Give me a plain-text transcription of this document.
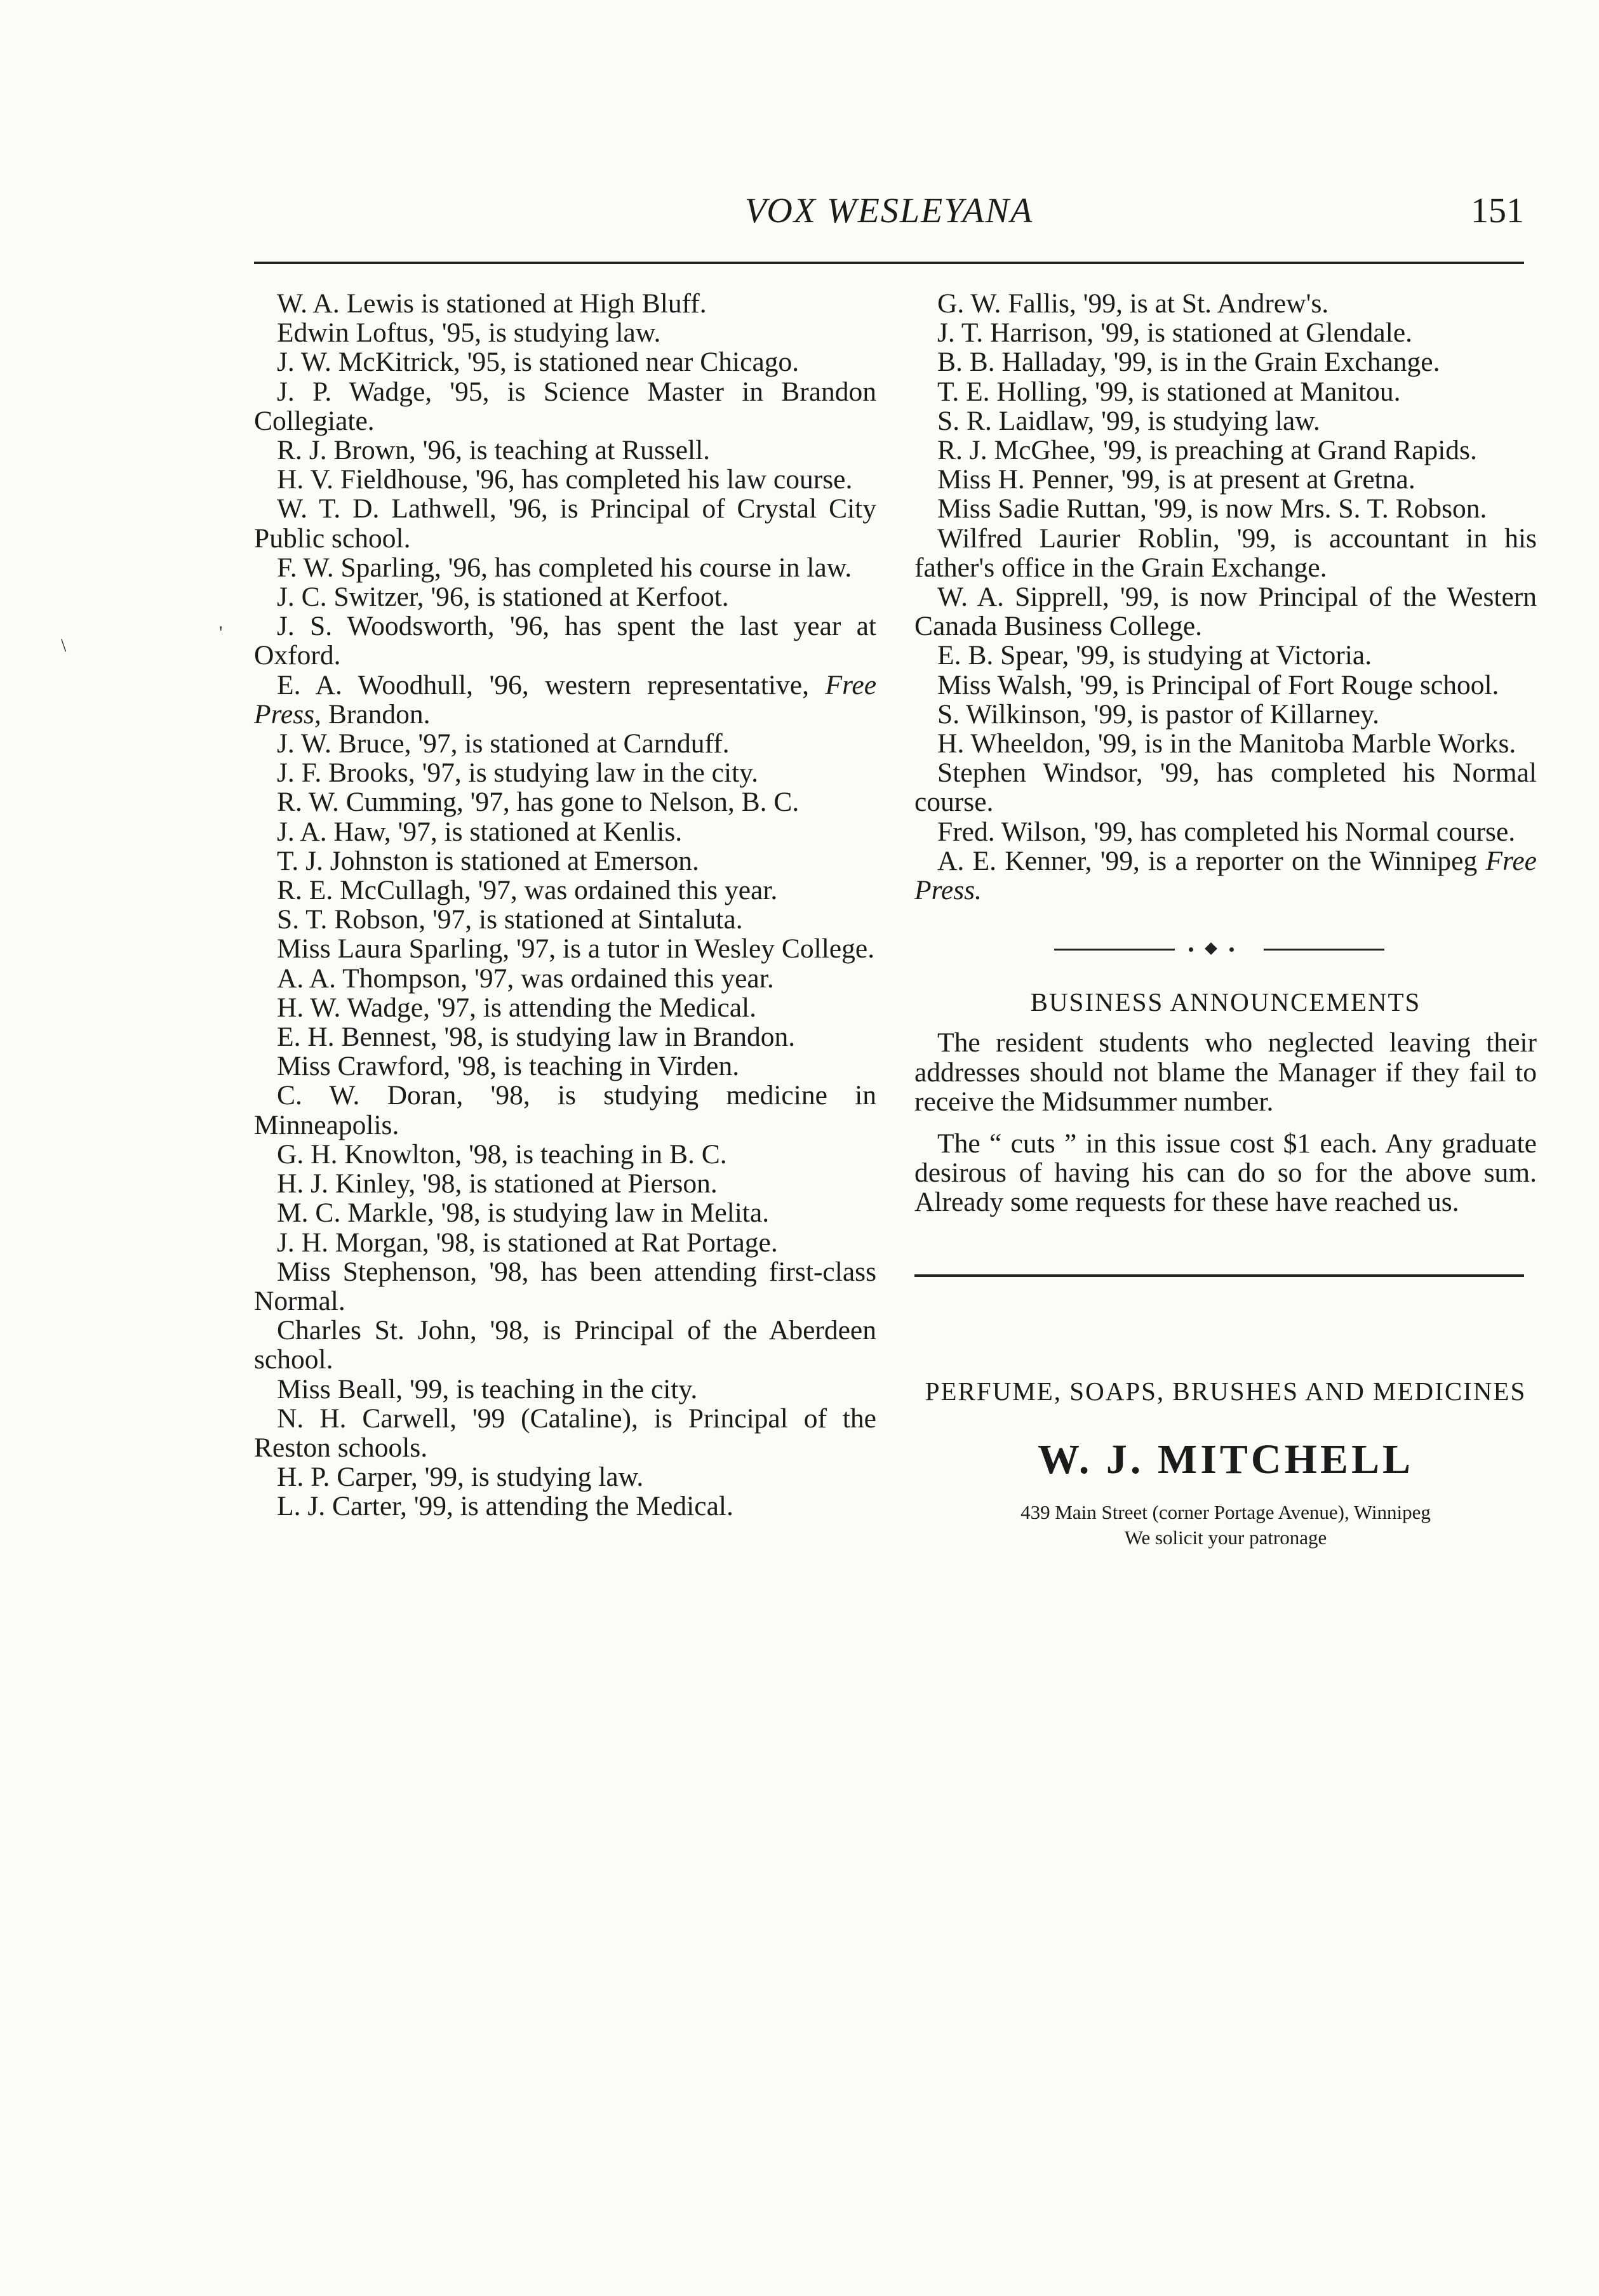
VOX WESLEYANA	151
\
'

W. A. Lewis is stationed at High Bluff.

Edwin Loftus, '95, is studying law.

J. W. McKitrick, '95, is stationed near Chicago.

J. P. Wadge, '95, is Science Master in Brandon Collegiate.

R. J. Brown, '96, is teaching at Russell.

H. V. Fieldhouse, '96, has completed his law course.

W. T. D. Lathwell, '96, is Principal of Crystal City Public school.

F. W. Sparling, '96, has completed his course in law.

J. C. Switzer, '96, is stationed at Kerfoot.

J. S. Woodsworth, '96, has spent the last year at Oxford.

E. A. Woodhull, '96, western representative, Free Press, Brandon.

J. W. Bruce, '97, is stationed at Carnduff.

J. F. Brooks, '97, is studying law in the city.

R. W. Cumming, '97, has gone to Nelson, B. C.

J. A. Haw, '97, is stationed at Kenlis.

T. J. Johnston is stationed at Emerson.

R. E. McCullagh, '97, was ordained this year.

S. T. Robson, '97, is stationed at Sintaluta.

Miss Laura Sparling, '97, is a tutor in Wesley College.

A. A. Thompson, '97, was ordained this year.

H. W. Wadge, '97, is attending the Medical.

E. H. Bennest, '98, is studying law in Brandon.

Miss Crawford, '98, is teaching in Virden.

C. W. Doran, '98, is studying medicine in Minneapolis.

G. H. Knowlton, '98, is teaching in B. C.

H. J. Kinley, '98, is stationed at Pierson.

M. C. Markle, '98, is studying law in Melita.

J. H. Morgan, '98, is stationed at Rat Portage.

Miss Stephenson, '98, has been attending first-class Normal.

Charles St. John, '98, is Principal of the Aberdeen school.

Miss Beall, '99, is teaching in the city.

N. H. Carwell, '99 (Cataline), is Principal of the Reston schools.

H. P. Carper, '99, is studying law.

L. J. Carter, '99, is attending the Medical.

G. W. Fallis, '99, is at St. Andrew's.

J. T. Harrison, '99, is stationed at Glendale.

B. B. Halladay, '99, is in the Grain Exchange.

T. E. Holling, '99, is stationed at Manitou.

S. R. Laidlaw, '99, is studying law.

R. J. McGhee, '99, is preaching at Grand Rapids.

Miss H. Penner, '99, is at present at Gretna.

Miss Sadie Ruttan, '99, is now Mrs. S. T. Robson.

Wilfred Laurier Roblin, '99, is accountant in his father's office in the Grain Exchange.

W. A. Sipprell, '99, is now Principal of the Western Canada Business College.

E. B. Spear, '99, is studying at Victoria.

Miss Walsh, '99, is Principal of Fort Rouge school.

S. Wilkinson, '99, is pastor of Killarney.

H. Wheeldon, '99, is in the Manitoba Marble Works.

Stephen Windsor, '99, has completed his Normal course.

Fred. Wilson, '99, has completed his Normal course.

A. E. Kenner, '99, is a reporter on the Winnipeg Free Press.

BUSINESS ANNOUNCEMENTS

The resident students who neglected leaving their addresses should not blame the Manager if they fail to receive the Midsummer number.

The “ cuts ” in this issue cost $1 each. Any graduate desirous of having his can do so for the above sum. Already some requests for these have reached us.

PERFUME, SOAPS, BRUSHES AND MEDICINES
W. J. MITCHELL
439 Main Street (corner Portage Avenue), Winnipeg
We solicit your patronage
